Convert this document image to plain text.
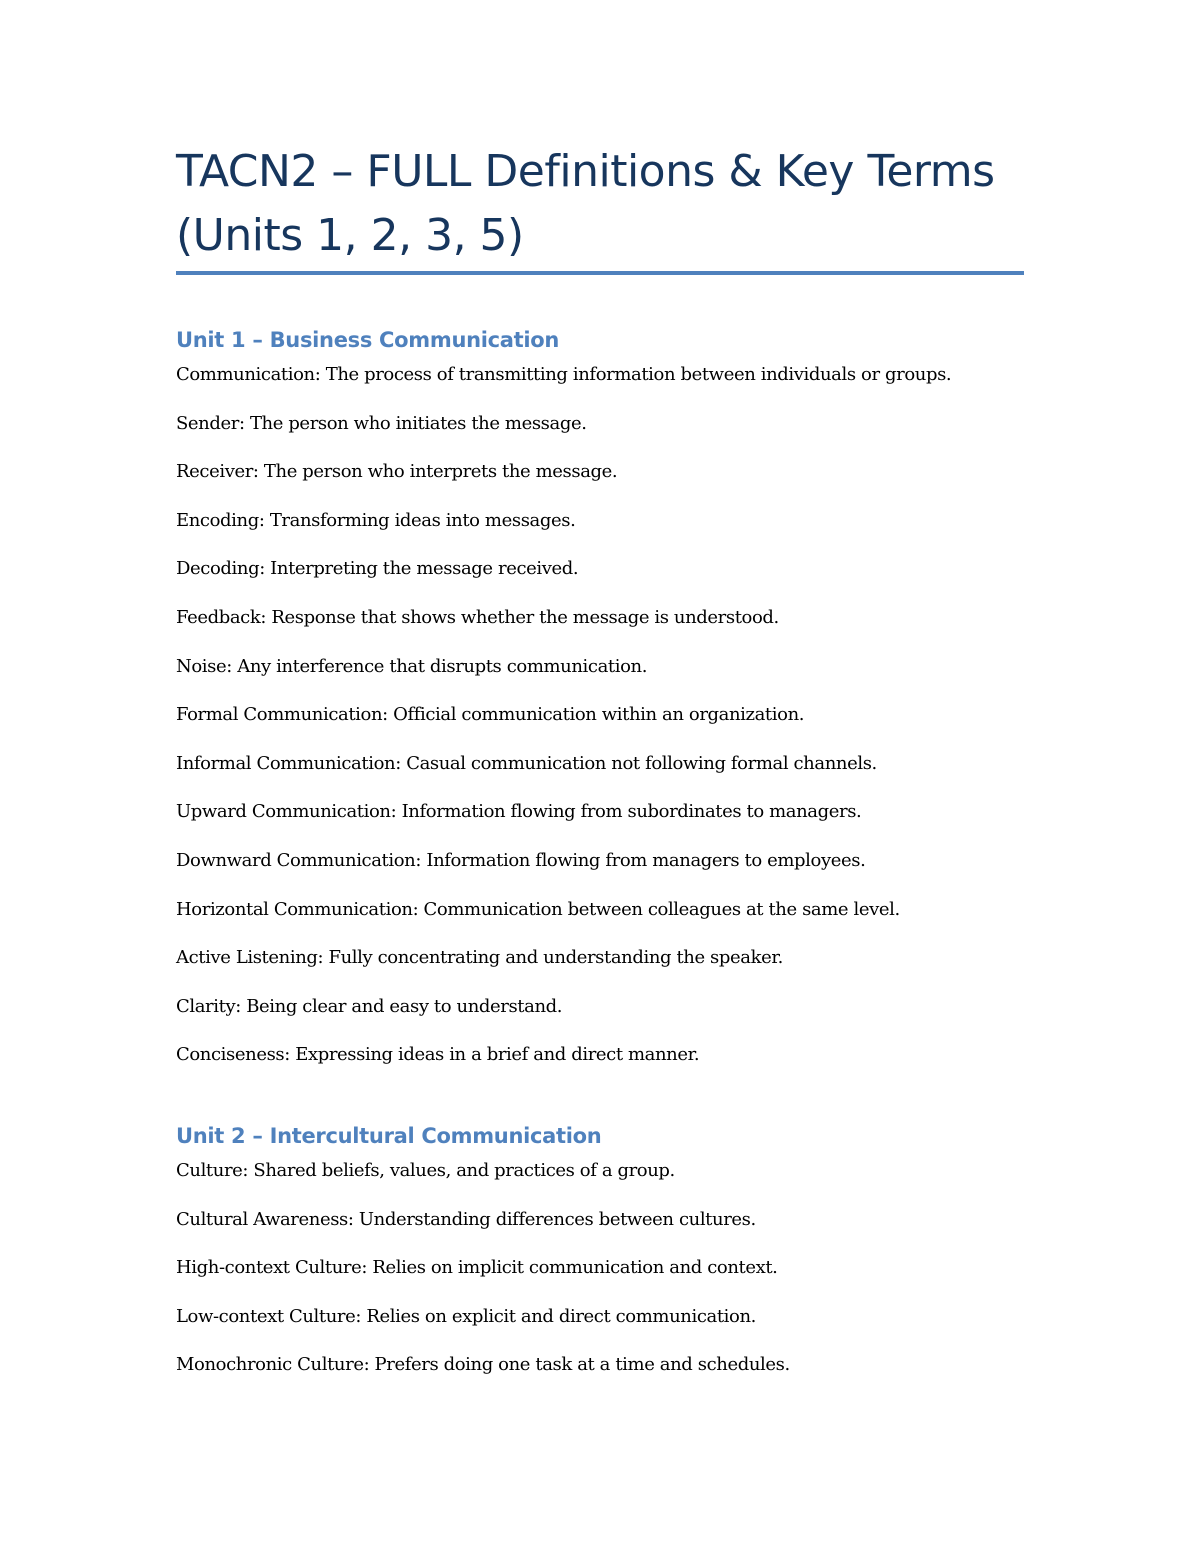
TACN2 – FULL Definitions & Key Terms
(Units 1, 2, 3, 5)
Unit 1 – Business Communication
Communication: The process of transmitting information between individuals or groups.
Sender: The person who initiates the message.
Receiver: The person who interprets the message.
Encoding: Transforming ideas into messages.
Decoding: Interpreting the message received.
Feedback: Response that shows whether the message is understood.
Noise: Any interference that disrupts communication.
Formal Communication: Official communication within an organization.
Informal Communication: Casual communication not following formal channels.
Upward Communication: Information flowing from subordinates to managers.
Downward Communication: Information flowing from managers to employees.
Horizontal Communication: Communication between colleagues at the same level.
Active Listening: Fully concentrating and understanding the speaker.
Clarity: Being clear and easy to understand.
Conciseness: Expressing ideas in a brief and direct manner.
Unit 2 – Intercultural Communication
Culture: Shared beliefs, values, and practices of a group.
Cultural Awareness: Understanding differences between cultures.
High-context Culture: Relies on implicit communication and context.
Low-context Culture: Relies on explicit and direct communication.
Monochronic Culture: Prefers doing one task at a time and schedules.
